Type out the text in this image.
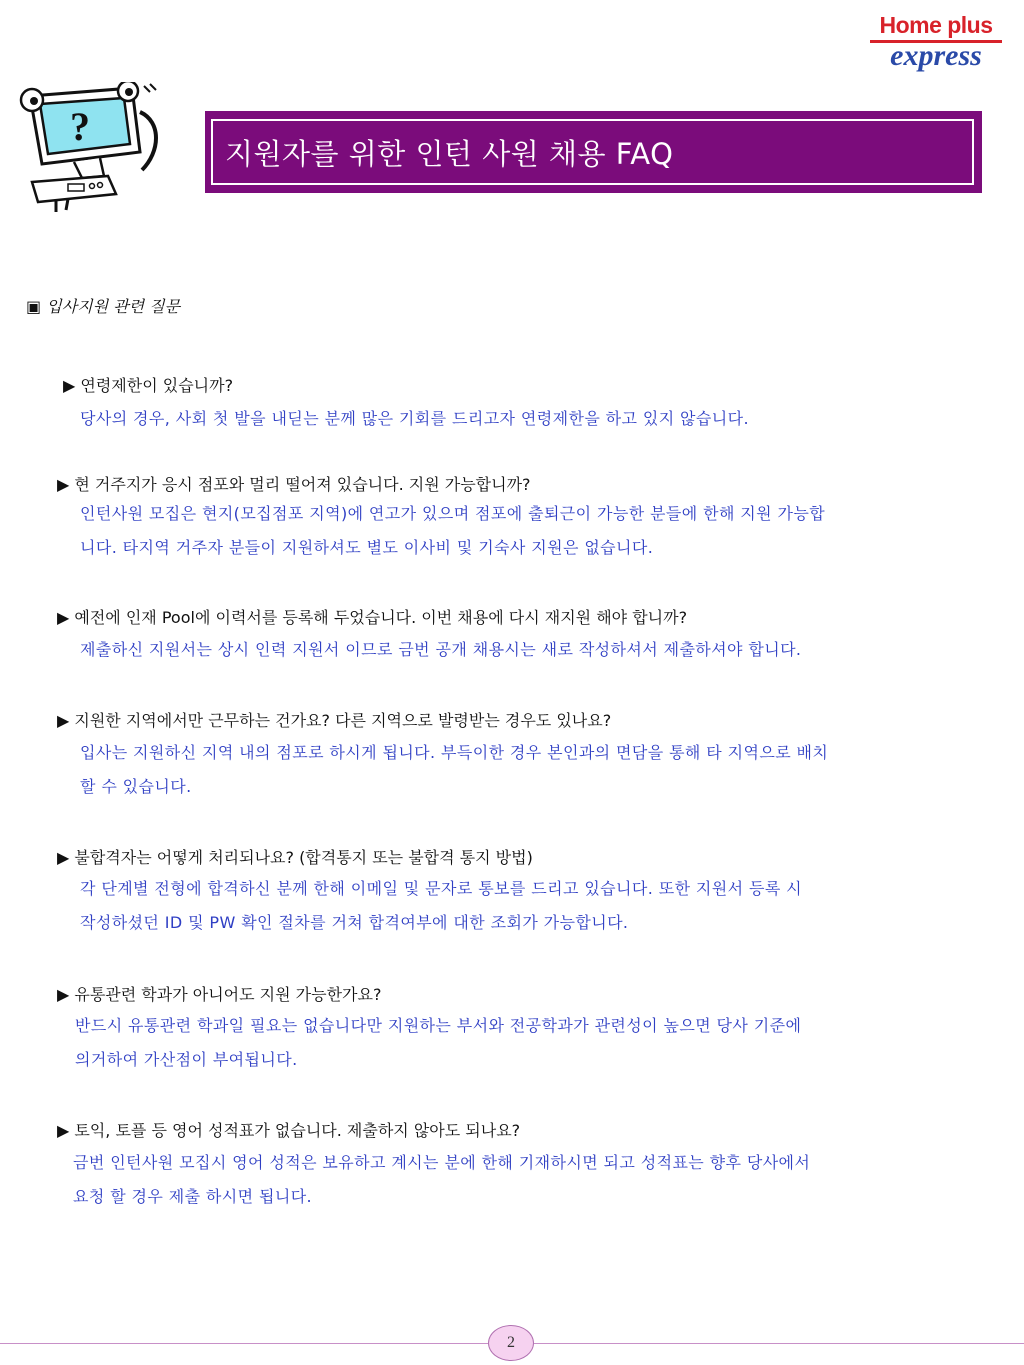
Home plus
express
?
지원자를 위한 인턴 사원 채용 FAQ
▣ 입사지원 관련 질문
▶ 연령제한이 있습니까?
당사의 경우, 사회 첫 발을 내딛는 분께 많은 기회를 드리고자 연령제한을 하고 있지 않습니다.
▶ 현 거주지가 응시 점포와 멀리 떨어져 있습니다. 지원 가능합니까?
인턴사원 모집은 현지(모집점포 지역)에 연고가 있으며 점포에 출퇴근이 가능한 분들에 한해 지원 가능합
니다. 타지역 거주자 분들이 지원하셔도 별도 이사비 및 기숙사 지원은 없습니다.
▶ 예전에 인재 Pool에 이력서를 등록해 두었습니다. 이번 채용에 다시 재지원 해야 합니까?
제출하신 지원서는 상시 인력 지원서 이므로 금번 공개 채용시는 새로 작성하셔서 제출하셔야 합니다.
▶ 지원한 지역에서만 근무하는 건가요? 다른 지역으로 발령받는 경우도 있나요?
입사는 지원하신 지역 내의 점포로 하시게 됩니다. 부득이한 경우 본인과의 면담을 통해 타 지역으로 배치
할 수 있습니다.
▶ 불합격자는 어떻게 처리되나요? (합격통지 또는 불합격 통지 방법)
각 단계별 전형에 합격하신 분께 한해 이메일 및 문자로 통보를 드리고 있습니다. 또한 지원서 등록 시
작성하셨던 ID 및 PW 확인 절차를 거쳐 합격여부에 대한 조회가 가능합니다.
▶ 유통관련 학과가 아니어도 지원 가능한가요?
반드시 유통관련 학과일 필요는 없습니다만 지원하는 부서와 전공학과가 관련성이 높으면 당사 기준에
의거하여 가산점이 부여됩니다.
▶ 토익, 토플 등 영어 성적표가 없습니다. 제출하지 않아도 되나요?
금번 인턴사원 모집시 영어 성적은 보유하고 계시는 분에 한해 기재하시면 되고 성적표는 향후 당사에서
요청 할 경우 제출 하시면 됩니다.
2
